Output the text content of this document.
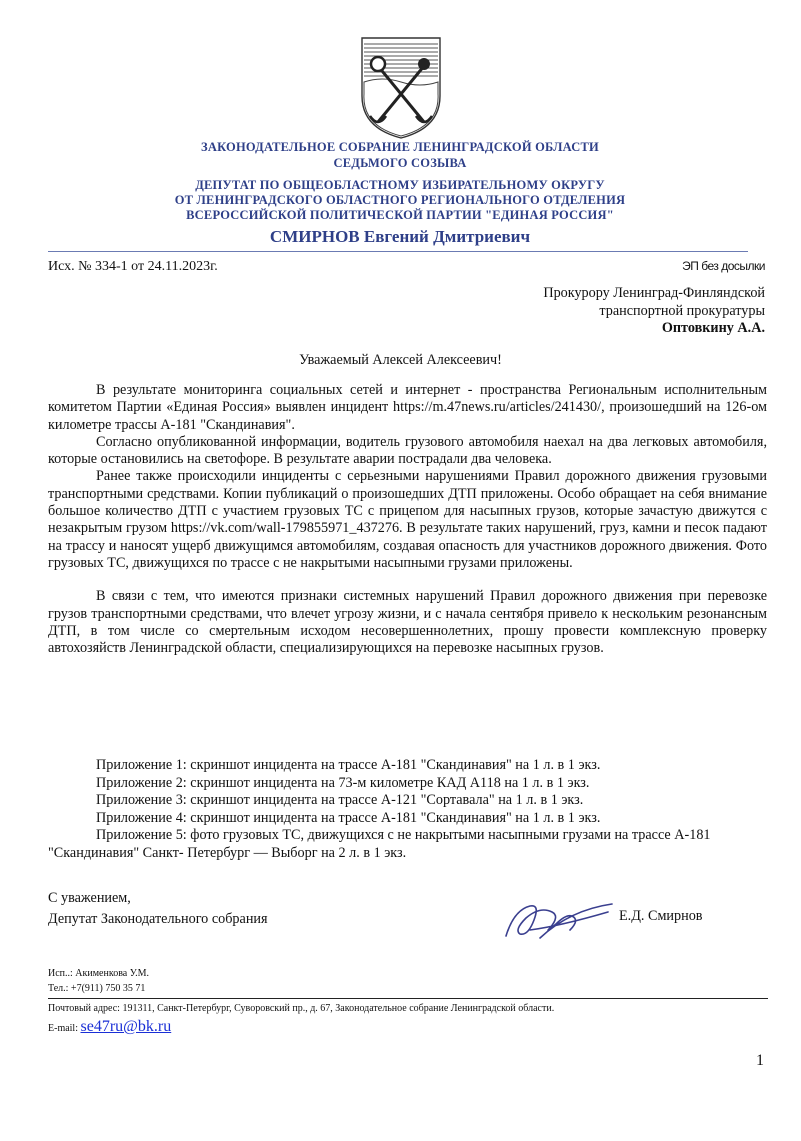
ЗАКОНОДАТЕЛЬНОЕ СОБРАНИЕ ЛЕНИНГРАДСКОЙ ОБЛАСТИ
СЕДЬМОГО СОЗЫВА
ДЕПУТАТ ПО ОБЩЕОБЛАСТНОМУ ИЗБИРАТЕЛЬНОМУ ОКРУГУ
ОТ ЛЕНИНГРАДСКОГО ОБЛАСТНОГО РЕГИОНАЛЬНОГО ОТДЕЛЕНИЯ
ВСЕРОССИЙСКОЙ ПОЛИТИЧЕСКОЙ ПАРТИИ "ЕДИНАЯ РОССИЯ"
СМИРНОВ Евгений Дмитриевич
Исх. № 334-1 от 24.11.2023г.	ЭП без досылки
Прокурору Ленинград-Финляндской
транспортной прокуратуры
Оптовкину А.А.
Уважаемый Алексей Алексеевич!

В результате мониторинга социальных сетей и интернет - пространства Региональным исполнительным комитетом Партии «Единая Россия» выявлен инцидент https://m.47news.ru/articles/241430/, произошедший на 126-ом километре трассы А-181 "Скандинавия".

Согласно опубликованной информации, водитель грузового автомобиля наехал на два легковых автомобиля, которые остановились на светофоре. В результате аварии пострадали два человека.

Ранее также происходили инциденты с серьезными нарушениями Правил дорожного движения грузовыми транспортными средствами. Копии публикаций о произошедших ДТП приложены. Особо обращает на себя внимание большое количество ДТП с участием грузовых ТС с прицепом для насыпных грузов, которые зачастую движутся с незакрытым грузом https://vk.com/wall-179855971_437276. В результате таких нарушений, груз, камни и песок падают на трассу и наносят ущерб движущимся автомобилям, создавая опасность для участников дорожного движения. Фото грузовых ТС, движущихся по трассе с не накрытыми насыпными грузами приложены.

В связи с тем, что имеются признаки системных нарушений Правил дорожного движения при перевозке грузов транспортными средствами, что влечет угрозу жизни, и с начала сентября привело к нескольким резонансным ДТП, в том числе со смертельным исходом несовершеннолетних, прошу провести комплексную проверку автохозяйств Ленинградской области, специализирующихся на перевозке насыпных грузов.

Приложение 1: скриншот инцидента на трассе А-181 "Скандинавия" на 1 л. в 1 экз.
Приложение 2: скриншот инцидента на 73-м километре КАД А118 на 1 л. в 1 экз.
Приложение 3: скриншот инцидента на трассе А-121 "Сортавала" на 1 л. в 1 экз.
Приложение 4: скриншот инцидента на трассе А-181 "Скандинавия" на 1 л. в 1 экз.
Приложение 5: фото грузовых ТС, движущихся с не накрытыми насыпными грузами на трассе А-181 "Скандинавия" Санкт- Петербург — Выборг на 2 л. в 1 экз.
С уважением,
Депутат Законодательного собрания	Е.Д. Смирнов
Исп..: Акименкова У.М.
Тел.: +7(911) 750 35 71
Почтовый адрес: 191311, Санкт-Петербург, Суворовский пр., д. 67, Законодательное собрание Ленинградской области.
E-mail: se47ru@bk.ru
1
